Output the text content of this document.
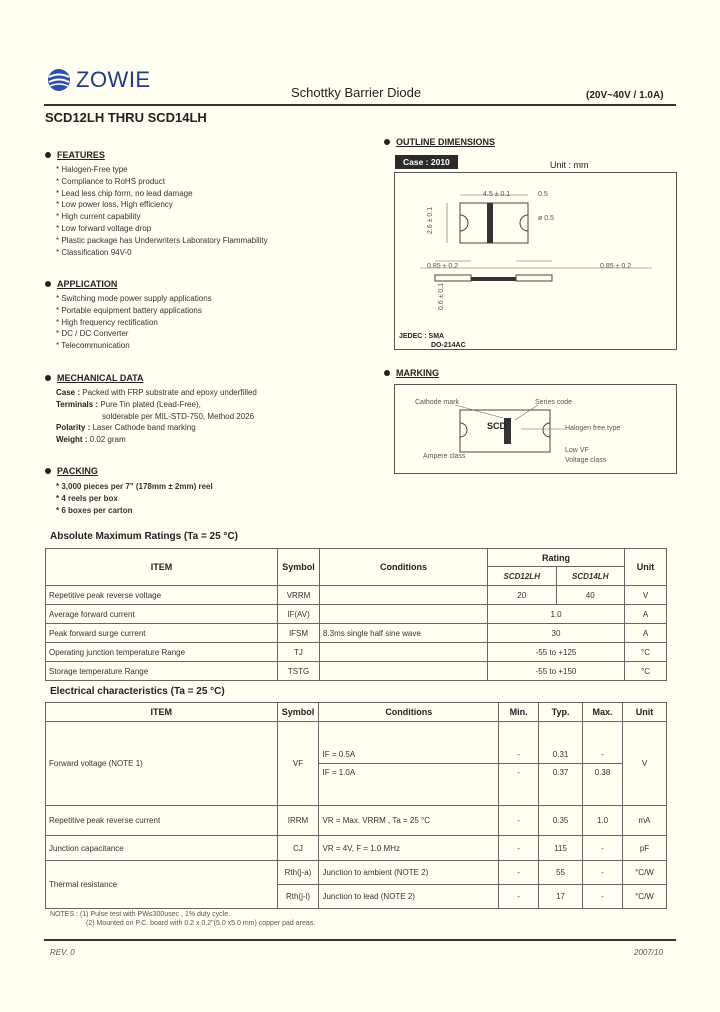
ZOWIE
Schottky Barrier Diode	(20V~40V / 1.0A)
SCD12LH THRU SCD14LH
FEATURES
* Halogen-Free type
* Compliance to RoHS product
* Lead less chip form, no lead damage
* Low power loss, High efficiency
* High current capability
* Low forward voltage drop
* Plastic package has Underwriters Laboratory Flammability
* Classification 94V-0
APPLICATION
* Switching mode power supply applications
* Portable equipment battery applications
* High frequency rectification
* DC / DC Converter
* Telecommunication
MECHANICAL DATA
Case : Packed with FRP substrate and epoxy underfilled
Terminals : Pure Tin plated (Lead-Free),
solderable per MIL-STD-750, Method 2026
Polarity : Laser Cathode band marking
Weight : 0.02 gram
PACKING
* 3,000 pieces per 7" (178mm ± 2mm) reel
* 4 reels per box
* 6 boxes per carton
OUTLINE DIMENSIONS
Case : 2010	Unit : mm
4.5 ± 0.1	0.5
ø 0.5
2.6 ± 0.1
0.85 ± 0.2	0.85 ± 0.2
0.6 ± 0.1
JEDEC : SMA
DO-214AC
MARKING
Cathode mark	Series code
SCD	Halogen free type
Low VF
Voltage class
Ampere class
Absolute Maximum Ratings (Ta = 25 °C)
ITEM	Symbol	Conditions	Rating		Unit
			SCD12LH	SCD14LH	
Repetitive peak reverse voltage	VRRM		20	40	V
Average forward current	IF(AV)		1.0		A
Peak forward surge current	IFSM	8.3ms single half sine wave	30		A
Operating junction temperature Range	TJ		-55 to +125		°C
Storage temperature Range	TSTG		-55 to +150		°C
Electrical characteristics (Ta = 25 °C)
ITEM	Symbol	Conditions	Min.	Typ.	Max.	Unit
Forward voltage (NOTE 1)	VF	IF = 0.5A	-	0.31	-	V
		IF = 1.0A	-	0.37	0.38	
Repetitive peak reverse current	IRRM	VR = Max. VRRM , Ta = 25 °C	-	0.35	1.0	mA
Junction capacitance	CJ	VR = 4V, F = 1.0 MHz	-	115	-	pF
Thermal resistance	Rth(j-a)	Junction to ambient (NOTE 2)	-	55	-	°C/W
	Rth(j-l)	Junction to lead (NOTE 2)	-	17	-	°C/W
NOTES : (1) Pulse test with PW≤300usec , 1% duty cycle.
(2) Mounted on P.C. board with 0.2 x 0.2"(5.0 x5.0 mm) copper pad areas.
REV. 0	2007/10
